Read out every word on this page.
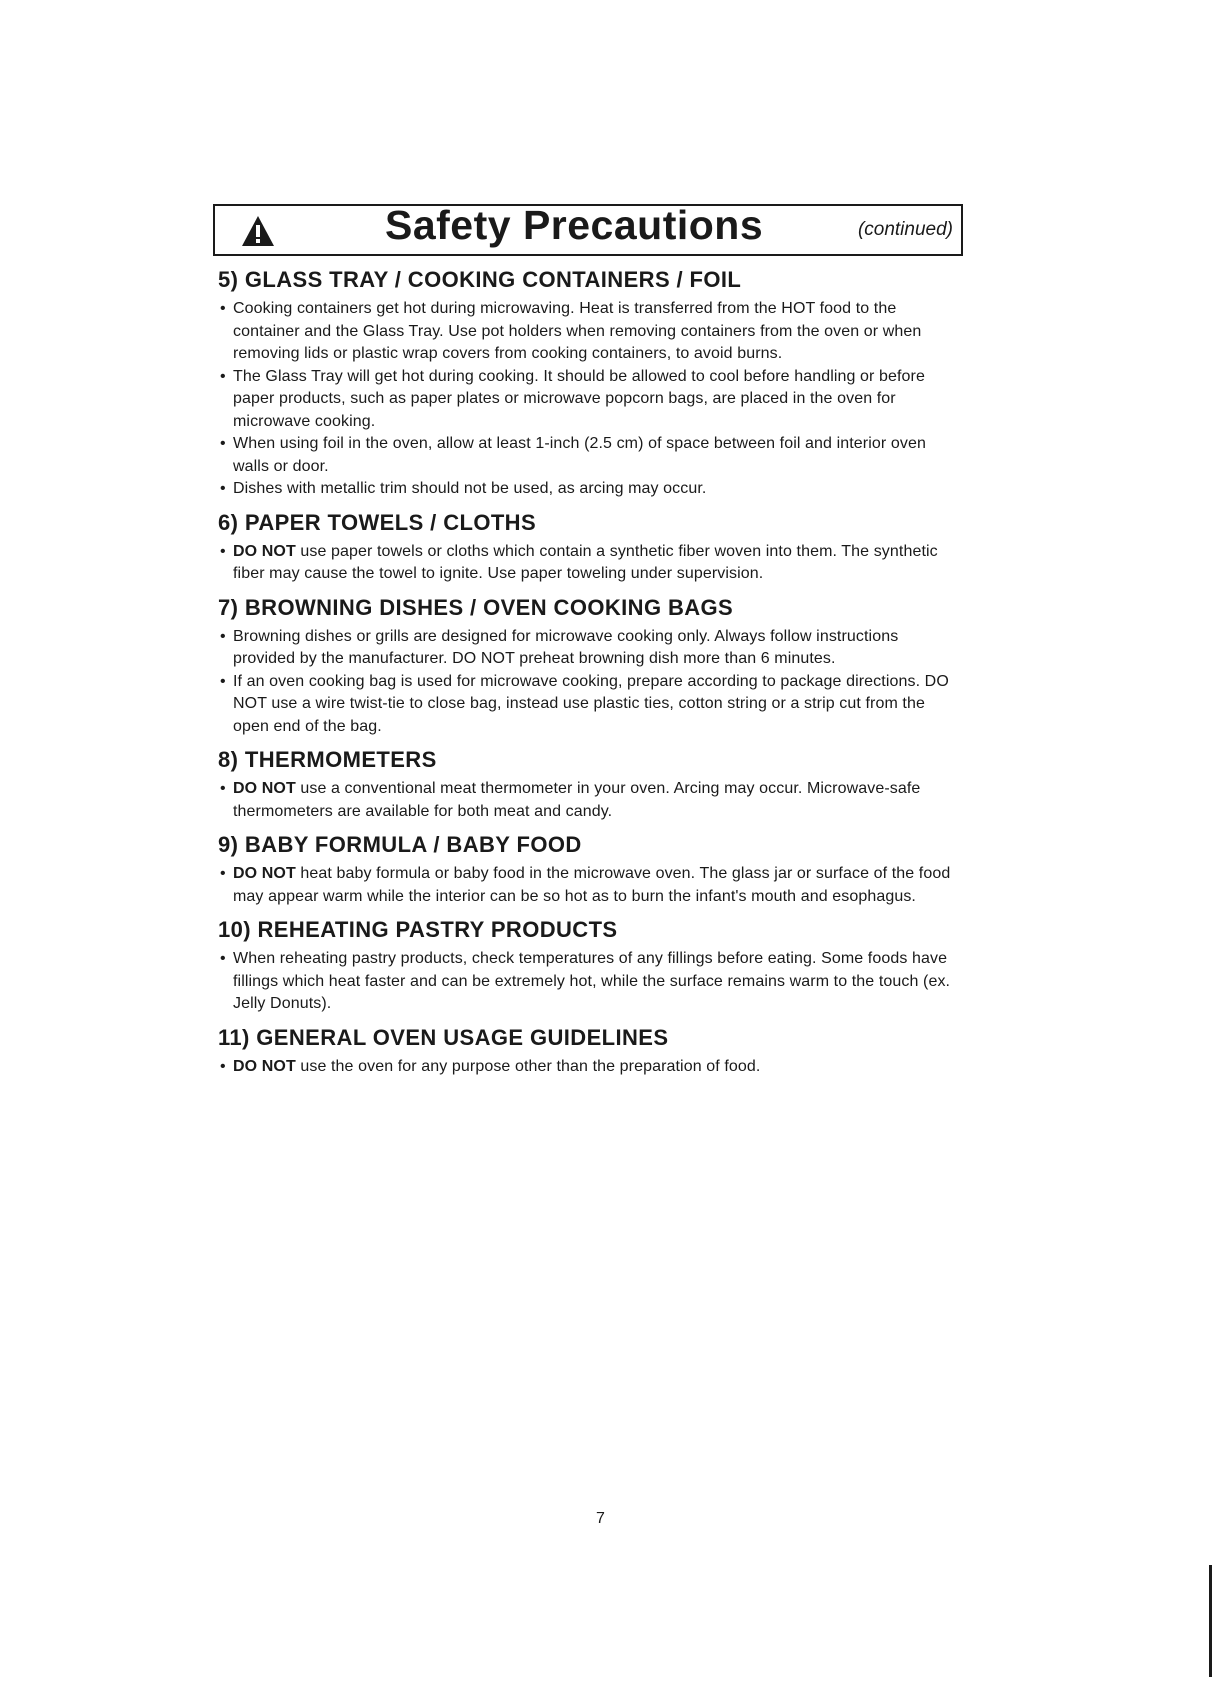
Safety Precautions	(continued)
5) GLASS TRAY / COOKING CONTAINERS / FOIL

• Cooking containers get hot during microwaving. Heat is transferred from the HOT food to the container and the Glass Tray. Use pot holders when removing containers from the oven or when removing lids or plastic wrap covers from cooking containers, to avoid burns.

• The Glass Tray will get hot during cooking. It should be allowed to cool before handling or before paper products, such as paper plates or microwave popcorn bags, are placed in the oven for microwave cooking.

• When using foil in the oven, allow at least 1-inch (2.5 cm) of space between foil and interior oven walls or door.

• Dishes with metallic trim should not be used, as arcing may occur.

6) PAPER TOWELS / CLOTHS

• DO NOT use paper towels or cloths which contain a synthetic fiber woven into them. The synthetic fiber may cause the towel to ignite. Use paper toweling under supervision.

7) BROWNING DISHES / OVEN COOKING BAGS

• Browning dishes or grills are designed for microwave cooking only. Always follow instructions provided by the manufacturer. DO NOT preheat browning dish more than 6 minutes.

• If an oven cooking bag is used for microwave cooking, prepare according to package directions. DO NOT use a wire twist-tie to close bag, instead use plastic ties, cotton string or a strip cut from the open end of the bag.

8) THERMOMETERS

• DO NOT use a conventional meat thermometer in your oven. Arcing may occur. Microwave-safe thermometers are available for both meat and candy.

9) BABY FORMULA / BABY FOOD

• DO NOT heat baby formula or baby food in the microwave oven. The glass jar or surface of the food may appear warm while the interior can be so hot as to burn the infant's mouth and esophagus.

10) REHEATING PASTRY PRODUCTS

• When reheating pastry products, check temperatures of any fillings before eating. Some foods have fillings which heat faster and can be extremely hot, while the surface remains warm to the touch (ex. Jelly Donuts).

11) GENERAL OVEN USAGE GUIDELINES

• DO NOT use the oven for any purpose other than the preparation of food.

7
